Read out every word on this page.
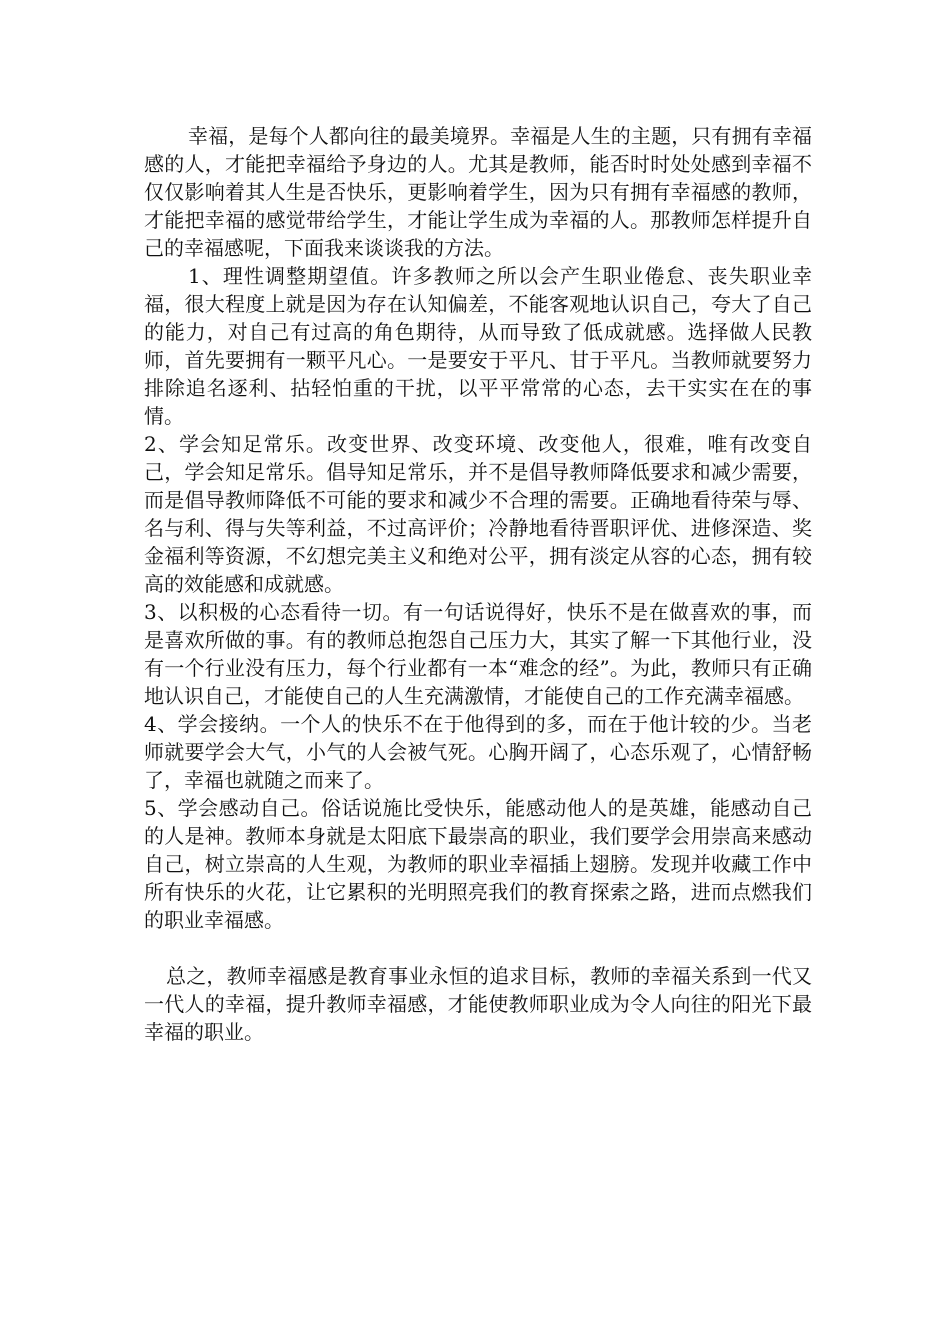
幸福，是每个人都向往的最美境界。幸福是人生的主题，只有拥有幸福感的人，才能把幸福给予身边的人。尤其是教师，能否时时处处感到幸福不仅仅影响着其人生是否快乐，更影响着学生，因为只有拥有幸福感的教师，才能把幸福的感觉带给学生，才能让学生成为幸福的人。那教师怎样提升自己的幸福感呢，下面我来谈谈我的方法。

1、理性调整期望值。许多教师之所以会产生职业倦怠、丧失职业幸福，很大程度上就是因为存在认知偏差，不能客观地认识自己，夸大了自己的能力，对自己有过高的角色期待，从而导致了低成就感。选择做人民教师，首先要拥有一颗平凡心。一是要安于平凡、甘于平凡。当教师就要努力排除追名逐利、拈轻怕重的干扰，以平平常常的心态，去干实实在在的事情。

2、学会知足常乐。改变世界、改变环境、改变他人，很难，唯有改变自己，学会知足常乐。倡导知足常乐，并不是倡导教师降低要求和减少需要，而是倡导教师降低不可能的要求和减少不合理的需要。正确地看待荣与辱、名与利、得与失等利益，不过高评价；冷静地看待晋职评优、进修深造、奖金福利等资源，不幻想完美主义和绝对公平，拥有淡定从容的心态，拥有较高的效能感和成就感。

3、以积极的心态看待一切。有一句话说得好，快乐不是在做喜欢的事，而是喜欢所做的事。有的教师总抱怨自己压力大，其实了解一下其他行业，没有一个行业没有压力，每个行业都有一本“难念的经”。为此，教师只有正确地认识自己，才能使自己的人生充满激情，才能使自己的工作充满幸福感。

4、学会接纳。一个人的快乐不在于他得到的多，而在于他计较的少。当老师就要学会大气，小气的人会被气死。心胸开阔了，心态乐观了，心情舒畅了，幸福也就随之而来了。

5、学会感动自己。俗话说施比受快乐，能感动他人的是英雄，能感动自己的人是神。教师本身就是太阳底下最崇高的职业，我们要学会用崇高来感动自己，树立崇高的人生观，为教师的职业幸福插上翅膀。发现并收藏工作中所有快乐的火花，让它累积的光明照亮我们的教育探索之路，进而点燃我们的职业幸福感。

总之，教师幸福感是教育事业永恒的追求目标，教师的幸福关系到一代又一代人的幸福，提升教师幸福感，才能使教师职业成为令人向往的阳光下最幸福的职业。
